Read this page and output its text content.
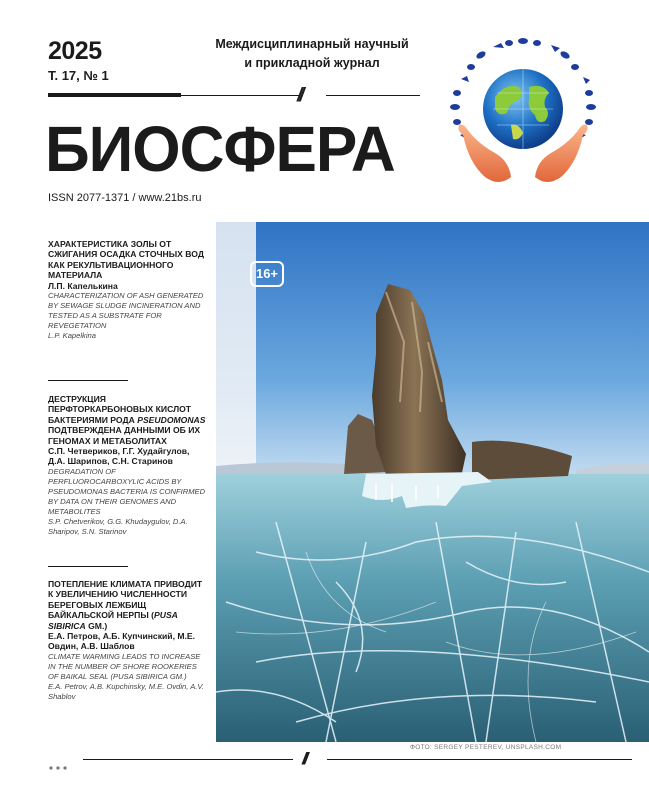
2025
Т. 17, № 1
Междисциплинарный научный
и прикладной журнал
//
БИОСФЕРА
ISSN 2077-1371 / www.21bs.ru
16+
ФОТО: SERGEY PESTEREV, UNSPLASH.COM
ХАРАКТЕРИСТИКА ЗОЛЫ ОТ СЖИГАНИЯ ОСАДКА СТОЧНЫХ ВОД КАК РЕКУЛЬТИВАЦИОННОГО МАТЕРИАЛА
Л.П. Капелькина
CHARACTERIZATION OF ASH GENERATED BY SEWAGE SLUDGE INCINERATION AND TESTED AS A SUBSTRATE FOR REVEGETATION
L.P. Kapelkina
ДЕСТРУКЦИЯ ПЕРФТОРКАРБОНОВЫХ КИСЛОТ БАКТЕРИЯМИ РОДА PSEUDOMONAS ПОДТВЕРЖДЕНА ДАННЫМИ ОБ ИХ ГЕНОМАХ И МЕТАБОЛИТАХ
С.П. Четвериков, Г.Г. Худайгулов, Д.А. Шарипов, С.Н. Старинов
DEGRADATION OF PERFLUOROCARBOXYLIC ACIDS BY PSEUDOMONAS BACTERIA IS CONFIRMED BY DATA ON THEIR GENOMES AND METABOLITES
S.P. Chetverikov, G.G. Khudaygulov, D.A. Sharipov, S.N. Starinov
ПОТЕПЛЕНИЕ КЛИМАТА ПРИВОДИТ К УВЕЛИЧЕНИЮ ЧИСЛЕННОСТИ БЕРЕГОВЫХ ЛЕЖБИЩ БАЙКАЛЬСКОЙ НЕРПЫ (PUSA SIBIRICA GM.)
Е.А. Петров, А.Б. Купчинский, М.Е. Овдин, А.В. Шаблов
CLIMATE WARMING LEADS TO INCREASE IN THE NUMBER OF SHORE ROOKERIES OF BAIKAL SEAL (PUSA SIBIRICA GM.)
E.A. Petrov, A.B. Kupchinsky, M.E. Ovdin, A.V. Shablov
//
